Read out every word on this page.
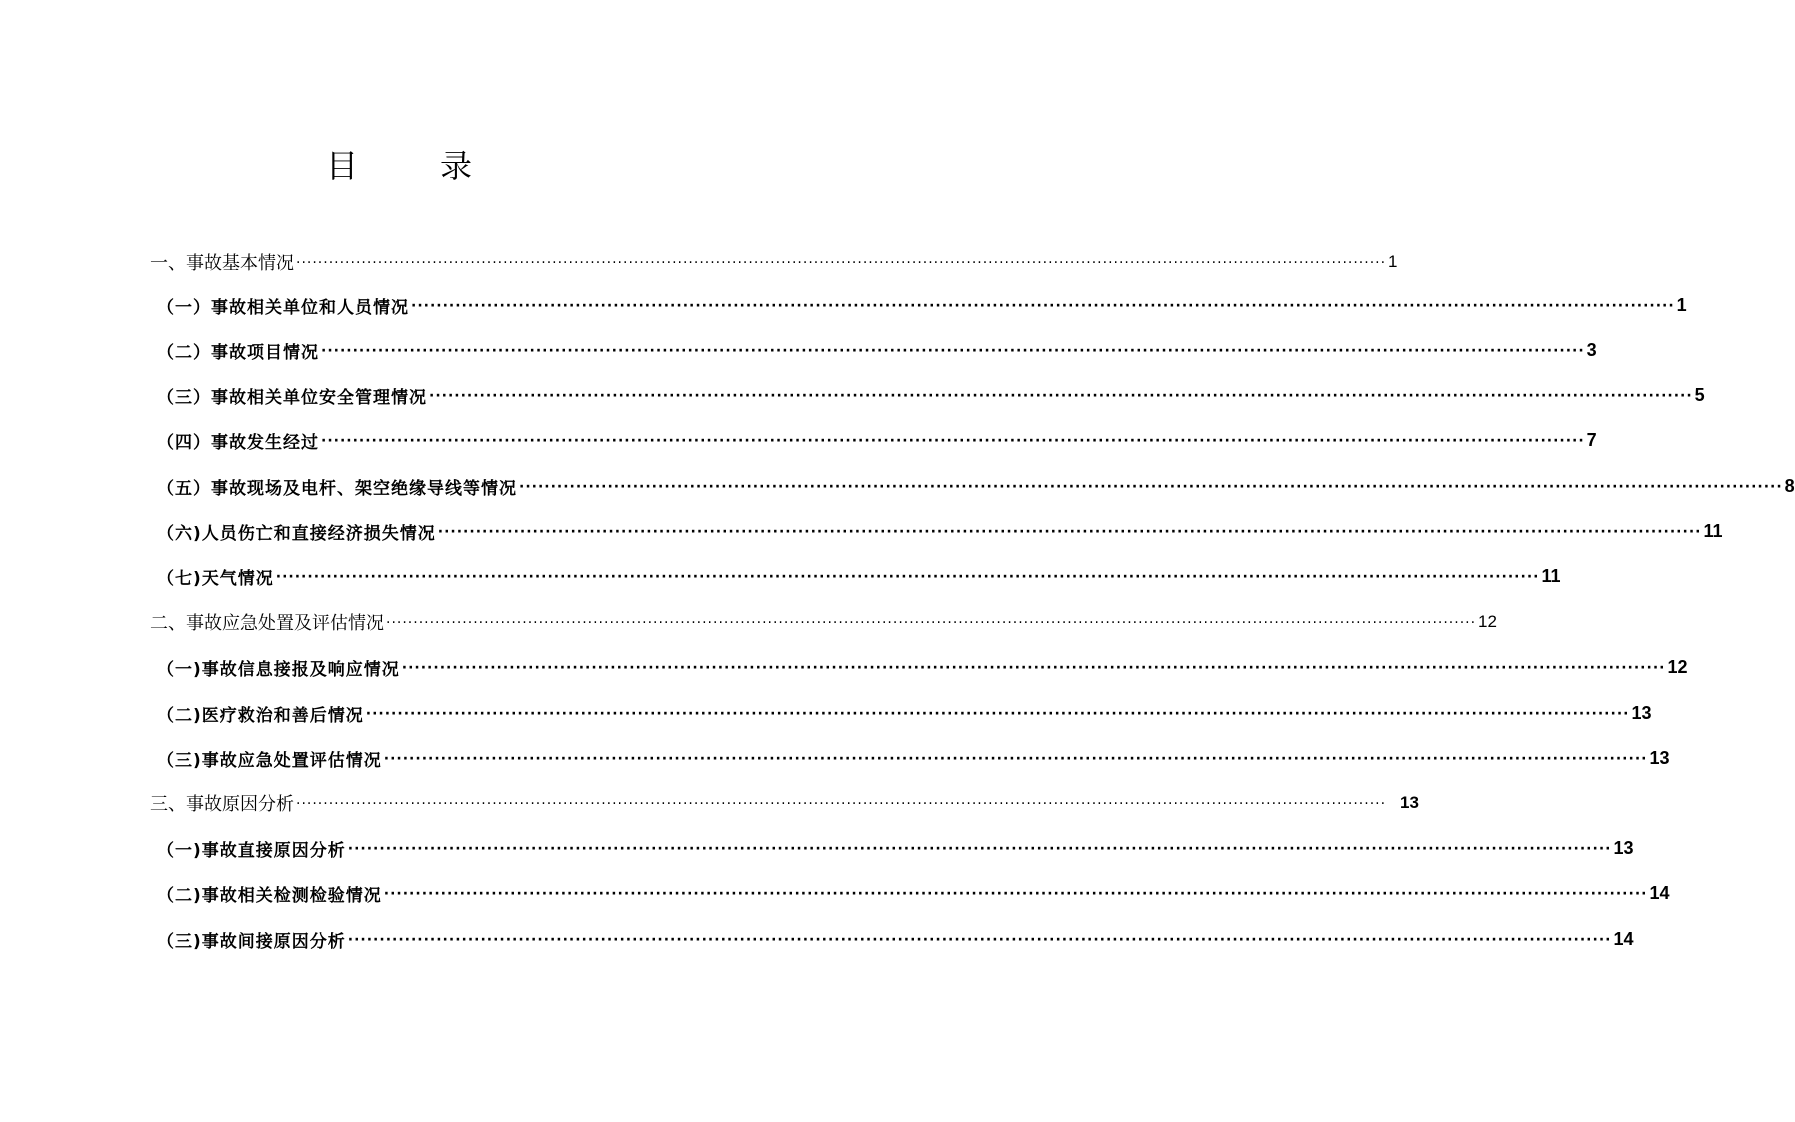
目	录
一、事故基本情况 ········································································································································································································ 1
（一）事故相关单位和人员情况 ········································································································································································································ 1
（二）事故项目情况 ········································································································································································································ 3
（三）事故相关单位安全管理情况 ········································································································································································································ 5
（四）事故发生经过 ········································································································································································································ 7
（五）事故现场及电杆、架空绝缘导线等情况 ········································································································································································································ 8
（六)人员伤亡和直接经济损失情况 ········································································································································································································ 11
（七)天气情况 ········································································································································································································ 11
二、事故应急处置及评估情况 ········································································································································································································ 12
（一)事故信息接报及响应情况 ········································································································································································································ 12
（二)医疗救治和善后情况 ········································································································································································································ 13
（三)事故应急处置评估情况 ········································································································································································································ 13
三、事故原因分析 ········································································································································································································ 13
（一)事故直接原因分析 ········································································································································································································ 13
（二)事故相关检测检验情况 ········································································································································································································ 14
（三)事故间接原因分析 ········································································································································································································ 14
